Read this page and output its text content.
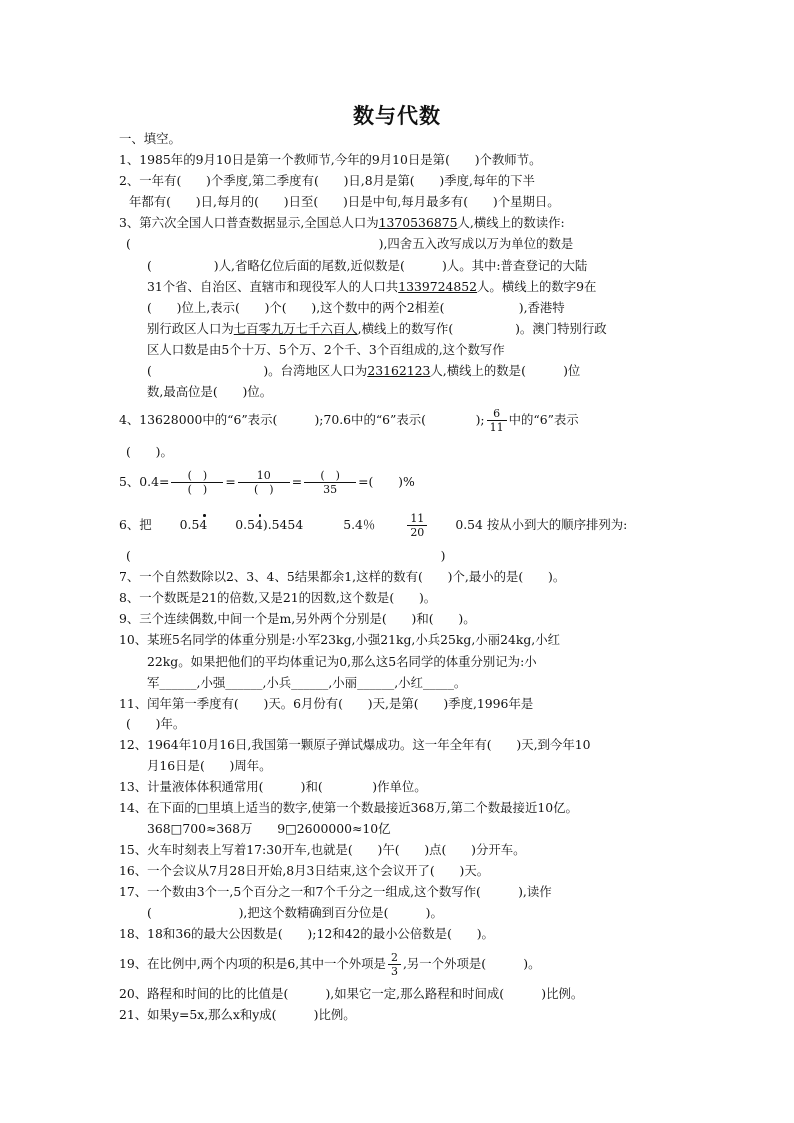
数与代数
一、填空。
1、1985年的9月10日是第一个教师节,今年的9月10日是第(　　)个教师节。
2、一年有(　　)个季度,第二季度有(　　)日,8月是第(　　)季度,每年的下半
年都有(　　)日,每月的(　　)日至(　　)日是中旬,每月最多有(　　)个星期日。
3、第六次全国人口普查数据显示,全国总人口为1370536875人,横线上的数读作:
(　　　　　　　　　　　　　　　　　　　　),四舍五入改写成以万为单位的数是
(　　　　　)人,省略亿位后面的尾数,近似数是(　　　)人。其中:普查登记的大陆
31个省、自治区、直辖市和现役军人的人口共1339724852人。横线上的数字9在
(　　)位上,表示(　　)个(　　),这个数中的两个2相差(　　　　　　),香港特
别行政区人口为七百零九万七千六百人,横线上的数写作(　　　　　)。澳门特别行政
区人口数是由5个十万、5个万、2个千、3个百组成的,这个数写作
(　　　　　　　　　)。台湾地区人口为23162123人,横线上的数是(　　　)位
数,最高位是(　　)位。
4、13628000中的“6”表示(　　　);70.6中的“6”表示(　　　　); $\frac{6}{11}$ 中的“6”表示
(　　)。
5、$0.4= \frac{( )}{( )} = \frac{10}{( )} = \frac{( )}{35}$ =(　　)%
6、把 0.54 0.54).5454	5.4％	$\frac{11}{20} 0.54$ 按从小到大的顺序排列为:
(　　　　　　　　　　　　　　　　　　　　　　　　　)
7、一个自然数除以2、3、4、5结果都余1,这样的数有(　　)个,最小的是(　　)。
8、一个数既是21的倍数,又是21的因数,这个数是(　　)。
9、三个连续偶数,中间一个是m,另外两个分别是(　　)和(　　)。
10、某班5名同学的体重分别是:小军23kg,小强21kg,小兵25kg,小丽24kg,小红
22kg。如果把他们的平均体重记为0,那么这5名同学的体重分别记为:小
军______,小强______,小兵______,小丽______,小红_____。
11、闰年第一季度有(　　)天。6月份有(　　)天,是第(　　)季度,1996年是
(　　)年。
12、1964年10月16日,我国第一颗原子弹试爆成功。这一年全年有(　　)天,到今年10
月16日是(　　)周年。
13、计量液体体积通常用(　　　)和(　　　　)作单位。
14、在下面的□里填上适当的数字,使第一个数最接近368万,第二个数最接近10亿。
368□700≈368万　　9□2600000≈10亿
15、火车时刻表上写着17:30开车,也就是(　　)午(　　)点(　　)分开车。
16、一个会议从7月28日开始,8月3日结束,这个会议开了(　　)天。
17、一个数由3个一,5个百分之一和7个千分之一组成,这个数写作(　　　),读作
(　　　　　　　),把这个数精确到百分位是(　　　)。
18、18和36的最大公因数是(　　);12和42的最小公倍数是(　　)。
19、在比例中,两个内项的积是6,其中一个外项是 $\frac{2}{3}$ ,另一个外项是(　　　)。
20、路程和时间的比的比值是(　　　),如果它一定,那么路程和时间成(　　　)比例。
21、如果y=5x,那么x和y成(　　　)比例。
